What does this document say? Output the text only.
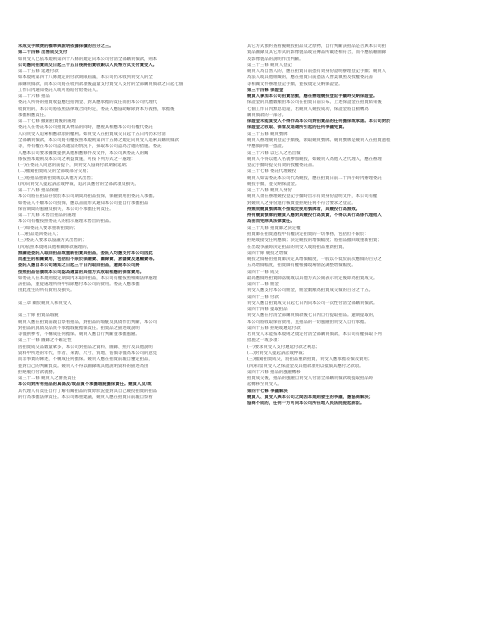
未成交手续费的標準與說明依據採價的百分之三。
第二十四條 出售成交支付
如買受人已依本規則第四十八條的規定向本公司付清全部購買價款，則本
公司應向拍賣成交日起三十五日後將拍賣收銀以人民幣方式支付賣受人。
第二十五條 延遲付款
如本規則第四十八條規定的付款期限屆滿，本公司仍未收到買受人的全
部購買價款，而本公司將在收到款項後盡量支付賣受人支付的全部購買價款之日起七個
工作日內通知委託人或可將賠付給委託人。
第二十六條 拍品
委託人所得的拍賣收益應包括佣金、對其應承擔的責任而由本公司代理代
收費用的，本公司將依照法律或合同約定，委託人應協助解除對本方義務，承擔後
承擔相應責任。
第二十七條 撤銷拍賣後的處理
委託人在委託本公司拍賣其物品的同時，應視其相應本公司有權代委託
人向買受人追索相應款項的權利。如買受人在拍賣成交日起十五日內仍未付清
全部購買價款，本公司將有權按照本規則第四十五條之規定向買受人追索其購買價款
等，亦有權在本公司認為適當的情況下，採取本公司認為合適的措施。委託
人應本公司要求據實提供其他相應條件及文件，本公司與委託人的關
係按照本規則及本公司之利益實施，可按下列方式之一處理：
(一)在委託人同意的前提下，與買受人協商付款期限延期；
(二)撤銷拍賣成交的全部或部分交易；
(三)將拍品重新拍賣或以其他方式出售；
(四)向買受人提起訴訟或仲裁，追討其應付的全部款項及損失。
第二十八條 拍品保險
本公司將在拍品存放於本公司期間為拍品投保，保險費用由委託人承擔。
如委託人不願本公司投保，應以書面形式通知本公司並自行承擔拍品
保管期間的風險及損失，本公司不承擔任何責任。
第二十九條 未售出拍品的處理
本公司有權按照委託人的指示處理未售出的拍品。
(一)如委託人要求重新拍賣的；
(二)拍品退回委託人；
(三)委託人要求以協議方式出售的；
(四)依照本規則其他相關條款處理的。
無論是委託人取回拍品或重新拍賣其拍品，委託人均應支付本公司因此
而產生的相關費用，包括但不限於保險費、圖錄費、倉儲費及運輸費等。
委託人應自本公司通知之日起三十日內取回拍品，逾期本公司將
按照拍品估價或本公司認為適當的其他方式收取相應的保管費用。
如委託人在本規則規定期間內未取回拍品，本公司有權按照相關法律處理
該拍品，並從處理所得中扣除應付本公司的費用。委託人應承擔
由此產生的所有費用及損失。
第三章 關於競買人和買受人
第三十條 拍賣品瑕疵
競買人應在拍賣前親自察看拍品，對拍品的瑕疵及真偽作出判斷，本公司
對拍品的真偽及品質不承擔瑕疵擔保責任。拍賣品之描述或說明
等僅供參考，不構成任何擔保。競買人應自行判斷並承擔風險。
第三十一條 圖錄之不確定性
因拍賣成交品數量眾多，本公司對拍品之資料、圖錄、照片及其他說明
資料中所述的年代、作者、來源、尺寸、質地、估價等僅為本公司的意見
而非事實的陳述，不構成任何擔保。競買人應在拍賣前親自鑒定拍品，
並對自己的判斷負責。競買人不得以圖錄或其他說明資料的描述為由
拒絕履行付款義務。
第三十二條 競買人之審查責任
本公司對所有拍品的真偽及/或品質不承擔瑕疵擔保責任。競買人及/或
其代理人有責任自行了解有關拍品的實際狀況並對其自己競投拍賣的拍品
的行為承擔法律責任。本公司鄭重建議，競買人應在拍賣日前親自察看
其它方式預約查看擬競投拍品及之原物，自行判斷該拍品是否與本公司拍
賣品圖錄及其它形式的影像製品或宣傳品所載述相符合，而不應依賴圖錄
及影像製品的說明作出判斷。
第三十三條 競買人登記
競買人為自然人的，應在拍賣日前憑有效身份證明辦理登記手續；競買人
為法人或其他組織的，應在拍賣日前憑法人營業執照及授權委託書
等相關文件辦理登記手續，並按規定交納保證金。
第三十四條 保證金
競買人參加本公司拍賣活動，應在辦理競投登記手續時交納保證金。
保證金的具體數額由本公司在拍賣日前公布。上述保證金在拍賣結束後
七個工作日內無息退還，若競買人競投成功，保證金將自動轉為
購買價款的一部分。
保證金未能買受人不得作為本公司對拍賣品的任何擔保或承諾。本公司對於
保證金之收取、保管及退還所引起的任何爭議免責。
第三十五條 競買號牌
競買人辦理競買登記手續後，領取競買號牌。競買號牌是競買人在拍賣過程
中應價的唯一憑證。
第三十六條 以它人之名出價
競買人不得以他人名義參加競投，如競買人為他人之代理人，應在辦理
登記手續時提交有效的授權委託書。
第三十七條 委託代理競投
競買人如需委託本公司代為競投，應在拍賣日前二十四小時內辦理委託
競投手續，並交納保證金。
第三十八條 競買人身份
競買人須在辦理競投登記手續時出示有效身份證明文件，本公司有權
對競買人之身份進行核實並拒絕任何不符合要求之登記。
持無效競買號牌或不按規定使用號牌者，其競投行為無效。
持有競買號牌的競買人應對其競投行為負責，不得以其行為係代理他人
為由而免除其法律責任。
第三十九條 拍賣師之決定權
拍賣師在拍賣過程中有權決定拍賣的一切事務，包括但不限於：
拒絕或接受任何應價；決定競投的增價幅度；將拍品撤回或重新拍賣；
在出現爭議時決定拍品的買受人或將拍品重新拍賣。
第四十條 競投之增價
競投之價格由拍賣師決定其增價幅度，一般以不低於前次應價的百分之
五為增價幅度，拍賣師有權根據現場情況調整增價幅度。
第四十一條 成交
最高應價經拍賣師落槌或以其他方式公開表示買定後即為拍賣成交。
第四十二條 佣金
買受人應支付本公司佣金，佣金數額為拍賣成交價的百分之十五。
第四十三條 付款
買受人應自拍賣成交日起七日內向本公司一次性付清全部購買價款。
第四十四條 提取拍品
買受人應在付清全部購買價款後七日內自行提取拍品。逾期提取的，
本公司將收取保管費用，且拍品的一切風險由買受人自行承擔。
第四十五條 拒絕或遲延付款
若買受人未能按本規則之規定付清全部購買價款，本公司有權採取下列
措施之一或多項：
(一)要求買受人支付遲延付款之利息；
(二)對買受人提起訴訟或仲裁；
(三)撤銷拍賣成交，將拍品重新拍賣，買受人應承擔差價及費用；
(四)扣留買受人之保證金及其他款項用以抵償其應付之款項。
第四十六條 拍品的風險轉移
拍賣成交後，拍品的風險自買受人付清全部購買價款或提取拍品時
起轉移至買受人。
第四十七條 爭議解決
競買人、買受人與本公司之間因本規則發生的爭議，應協商解決；
協商不成的，任何一方可向本公司所在地人民法院提起訴訟。
